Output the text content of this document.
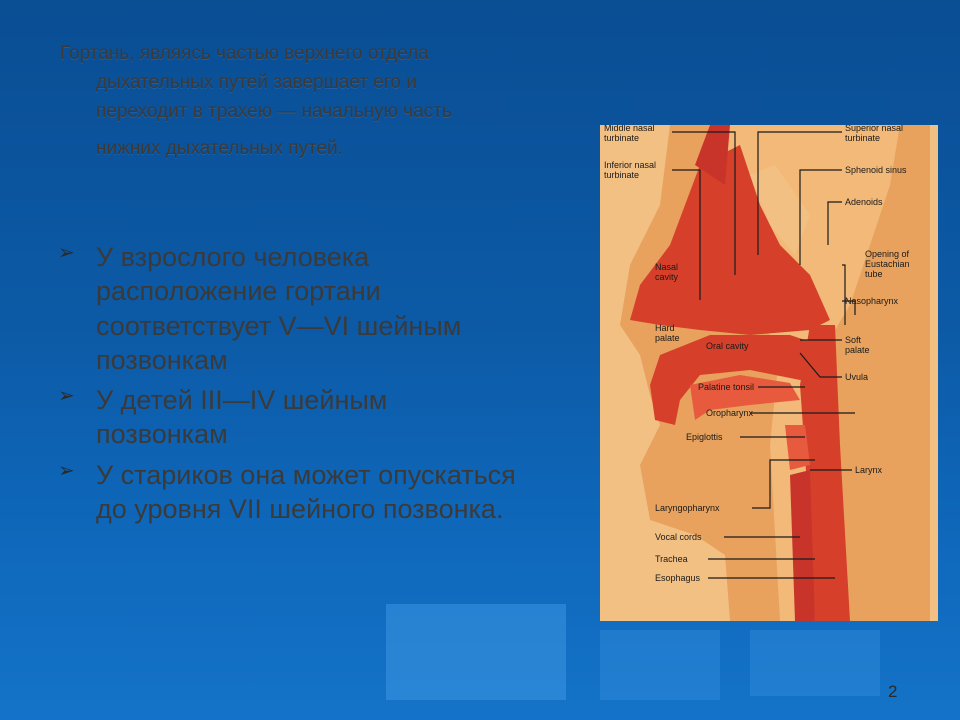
Гортань, являясь частью верхнего отдела
дыхательных путей завершает его и
переходит в трахею — начальную часть
нижних дыхательных путей.
➢ У взрослого человека
расположение гортани
соответствует V—VI шейным
позвонкам
➢ У детей III—IV шейным
позвонкам
➢ У стариков она может опускаться
до уровня VII шейного позвонка.
Middle nasal
turbinate
Inferior nasal
turbinate
Nasal
cavity
Hard
palate
Oral cavity
Palatine tonsil
Oropharynx
Epiglottis
Laryngopharynx
Vocal cords
Trachea
Esophagus
Superior nasal
turbinate
Sphenoid sinus
Adenoids
Opening of
Eustachian
tube
Nasopharynx
Soft
palate
Uvula
Larynx
2
